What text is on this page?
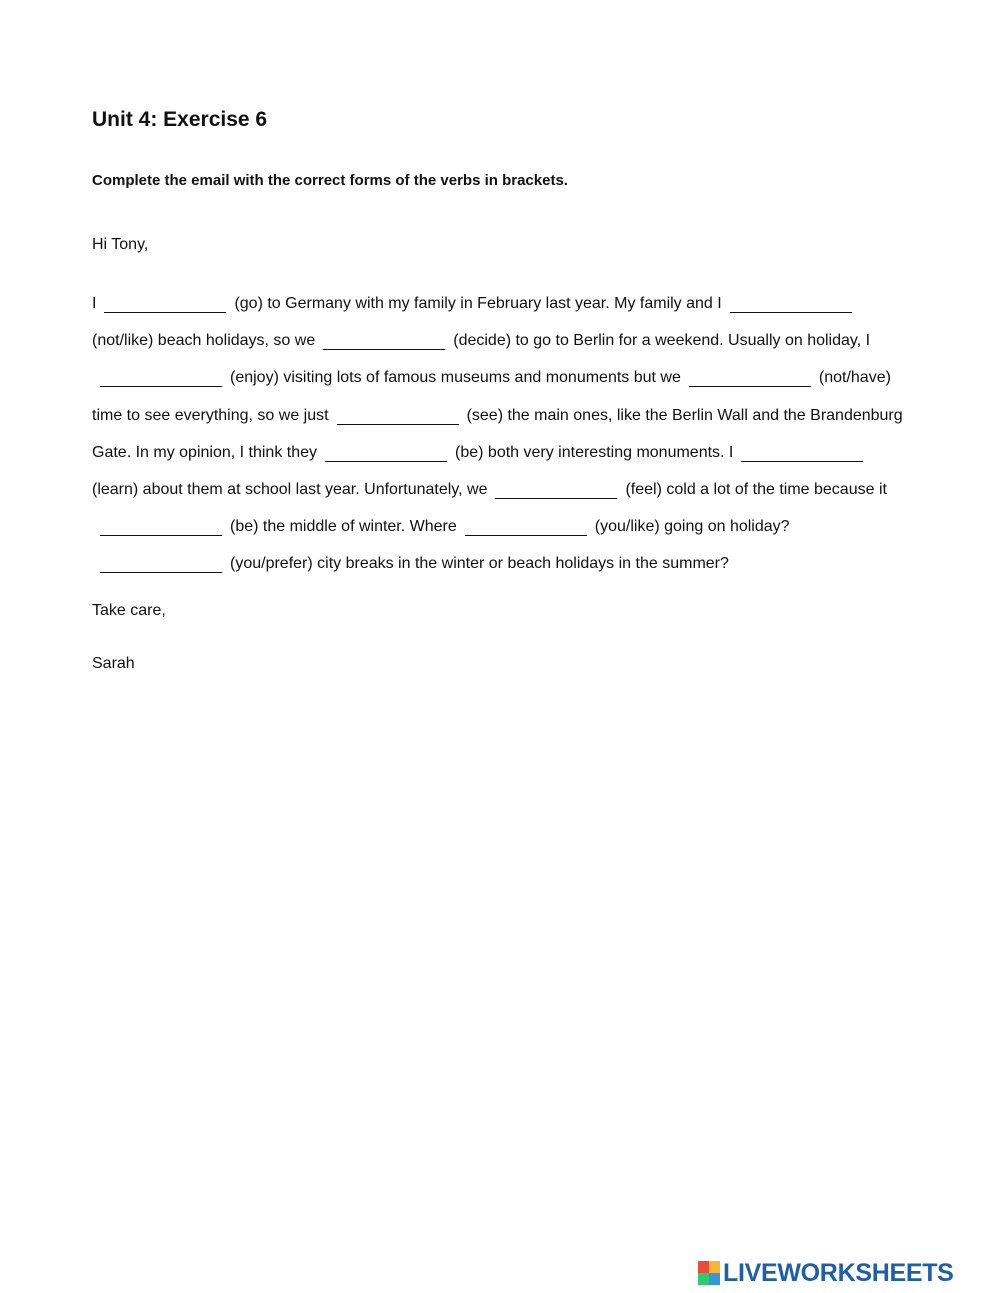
Unit 4: Exercise 6

Complete the email with the correct forms of the verbs in brackets.

Hi Tony,

I	(go) to Germany with my family in February last year. My family and I(not/like) beach holidays, so we	(decide) to go to Berlin for a weekend. Usually on holiday, I(enjoy) visiting lots of famous museums and monuments but we	(not/have) time to see everything, so we just	(see) the main ones, like the Berlin Wall and the Brandenburg Gate. In my opinion, I think they	(be) both very interesting monuments. I(learn) about them at school last year. Unfortunately, we	(feel) cold a lot of the time because it(be) the middle of winter. Where	(you/like) going on holiday?(you/prefer) city breaks in the winter or beach holidays in the summer?

Take care,

Sarah

LIVEWORKSHEETS
